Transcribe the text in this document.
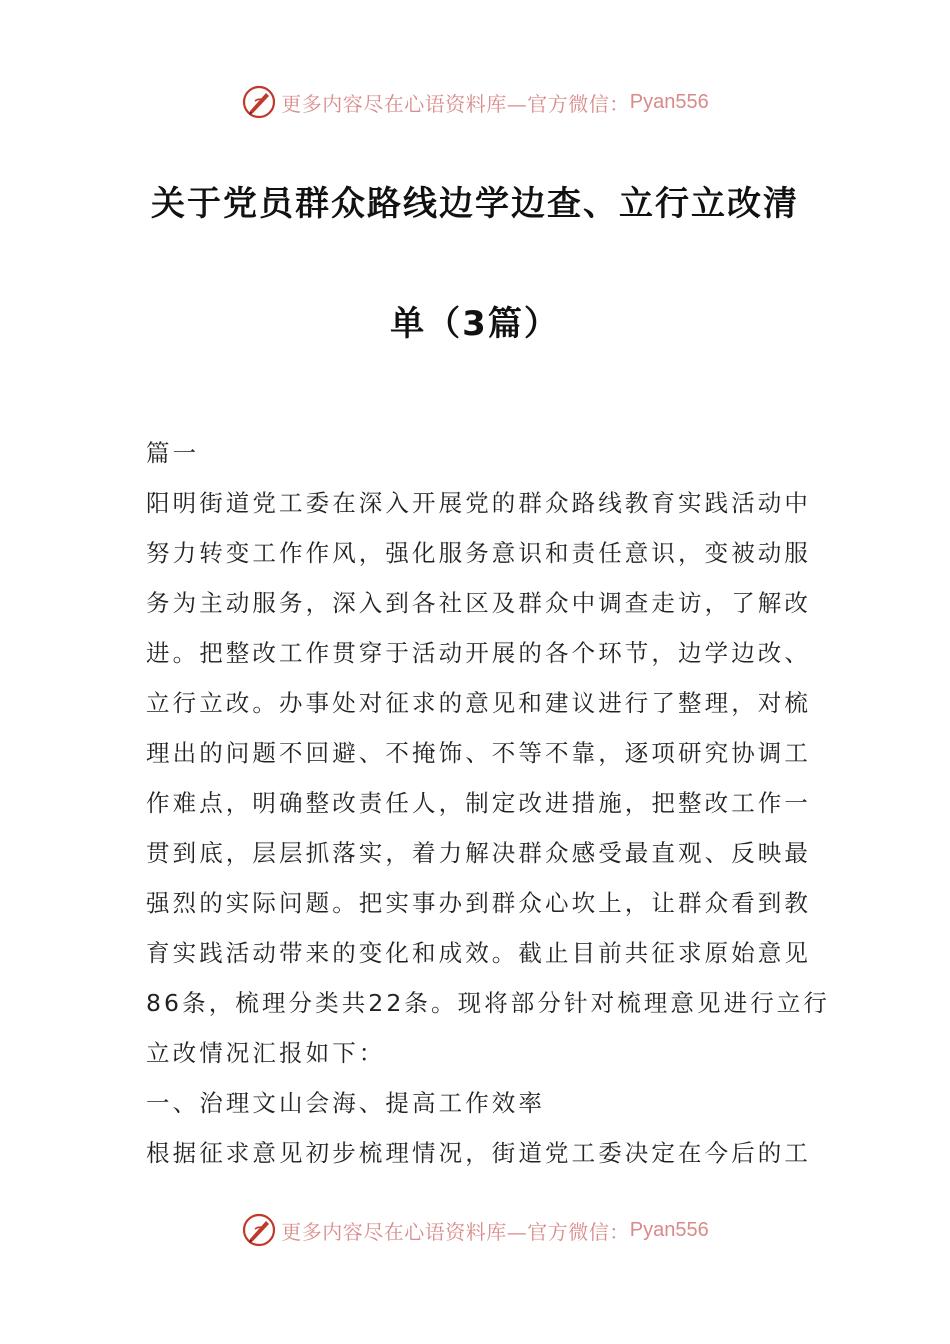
更多内容尽在心语资料库—官方微信： Pyan556
关于党员群众路线边学边查、立行立改清
单（3篇）

篇一

阳明街道党工委在深入开展党的群众路线教育实践活动中

努力转变工作作风，强化服务意识和责任意识，变被动服

务为主动服务，深入到各社区及群众中调查走访，了解改

进。把整改工作贯穿于活动开展的各个环节，边学边改、

立行立改。办事处对征求的意见和建议进行了整理，对梳

理出的问题不回避、不掩饰、不等不靠，逐项研究协调工

作难点，明确整改责任人，制定改进措施，把整改工作一

贯到底，层层抓落实，着力解决群众感受最直观、反映最

强烈的实际问题。把实事办到群众心坎上，让群众看到教

育实践活动带来的变化和成效。截止目前共征求原始意见

86条，梳理分类共22条。现将部分针对梳理意见进行立行

立改情况汇报如下：

一、治理文山会海、提高工作效率

根据征求意见初步梳理情况，街道党工委决定在今后的工

更多内容尽在心语资料库—官方微信： Pyan556
